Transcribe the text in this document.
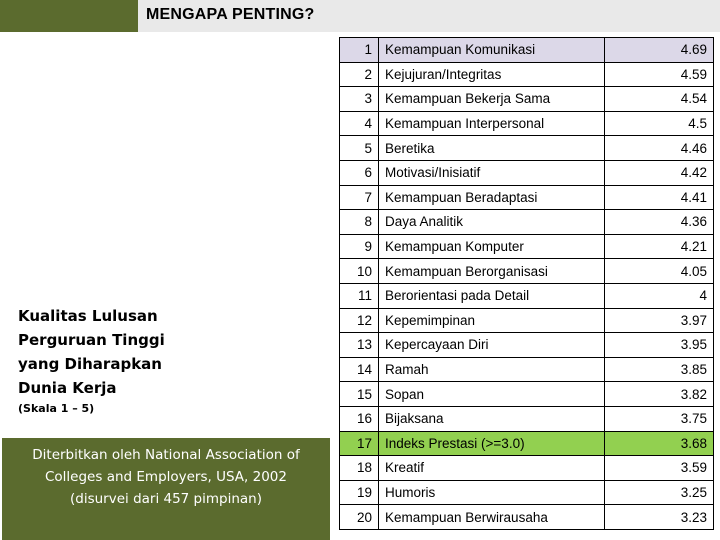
MENGAPA PENTING?
Kualitas Lulusan
Perguruan Tinggi
yang Diharapkan
Dunia Kerja
(Skala 1 – 5)
Diterbitkan oleh National Association of
Colleges and Employers, USA, 2002
(disurvei dari 457 pimpinan)
1	Kemampuan Komunikasi	4.69
2	Kejujuran/Integritas	4.59
3	Kemampuan Bekerja Sama	4.54
4	Kemampuan Interpersonal	4.5
5	Beretika	4.46
6	Motivasi/Inisiatif	4.42
7	Kemampuan Beradaptasi	4.41
8	Daya Analitik	4.36
9	Kemampuan Komputer	4.21
10	Kemampuan Berorganisasi	4.05
11	Berorientasi pada Detail	4
12	Kepemimpinan	3.97
13	Kepercayaan Diri	3.95
14	Ramah	3.85
15	Sopan	3.82
16	Bijaksana	3.75
17	Indeks Prestasi (>=3.0)	3.68
18	Kreatif	3.59
19	Humoris	3.25
20	Kemampuan Berwirausaha	3.23
